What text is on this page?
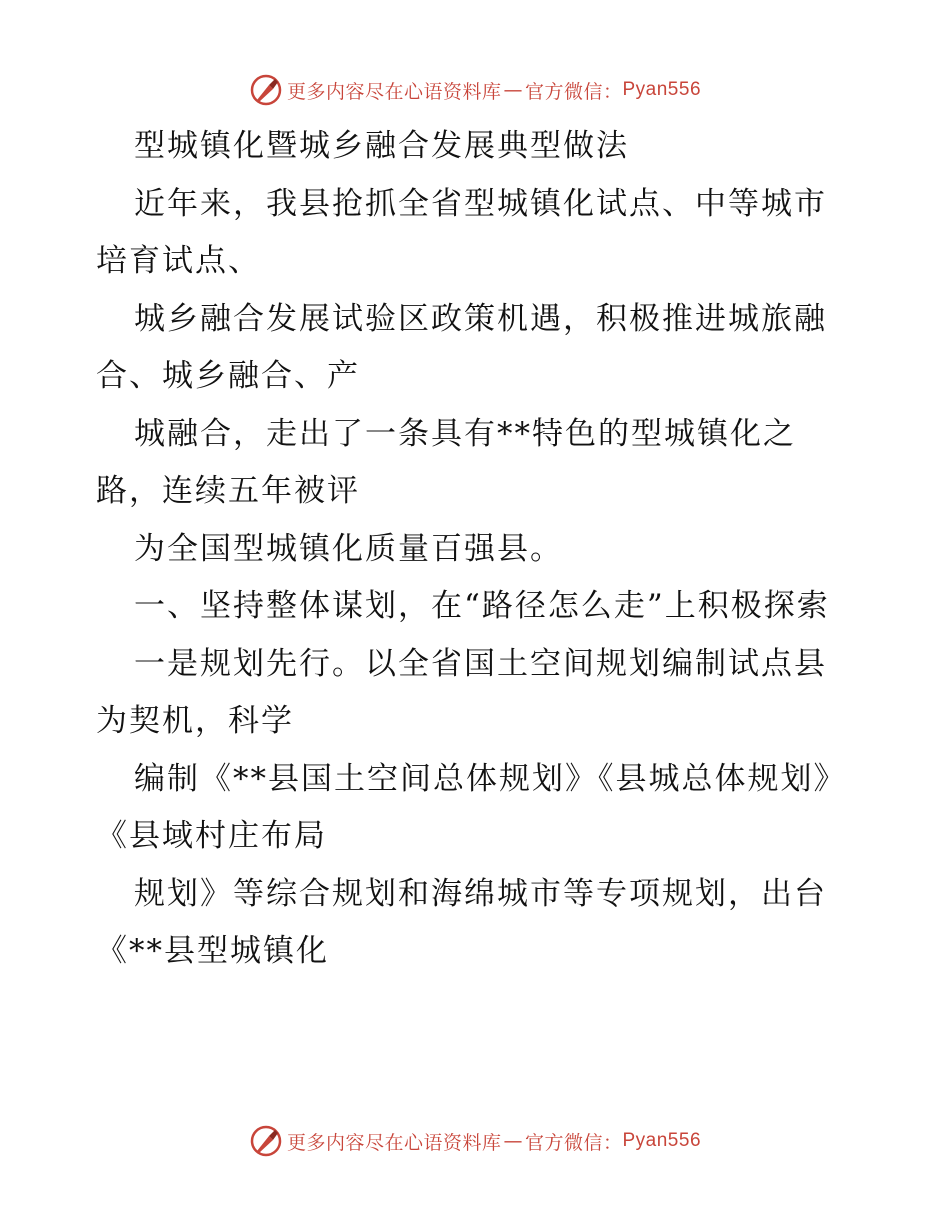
更多内容尽在心语资料库 — 官方微信： Pyan556

型城镇化暨城乡融合发展典型做法

近年来，我县抢抓全省型城镇化试点、中等城市培育试点、

城乡融合发展试验区政策机遇，积极推进城旅融合、城乡融合、产

城融合，走出了一条具有**特色的型城镇化之路，连续五年被评

为全国型城镇化质量百强县。

一、坚持整体谋划，在“路径怎么走”上积极探索

一是规划先行。以全省国土空间规划编制试点县为契机，科学

编制《**县国土空间总体规划》《县城总体规划》《县域村庄布局

规划》等综合规划和海绵城市等专项规划，出台《**县型城镇化

更多内容尽在心语资料库 — 官方微信： Pyan556
